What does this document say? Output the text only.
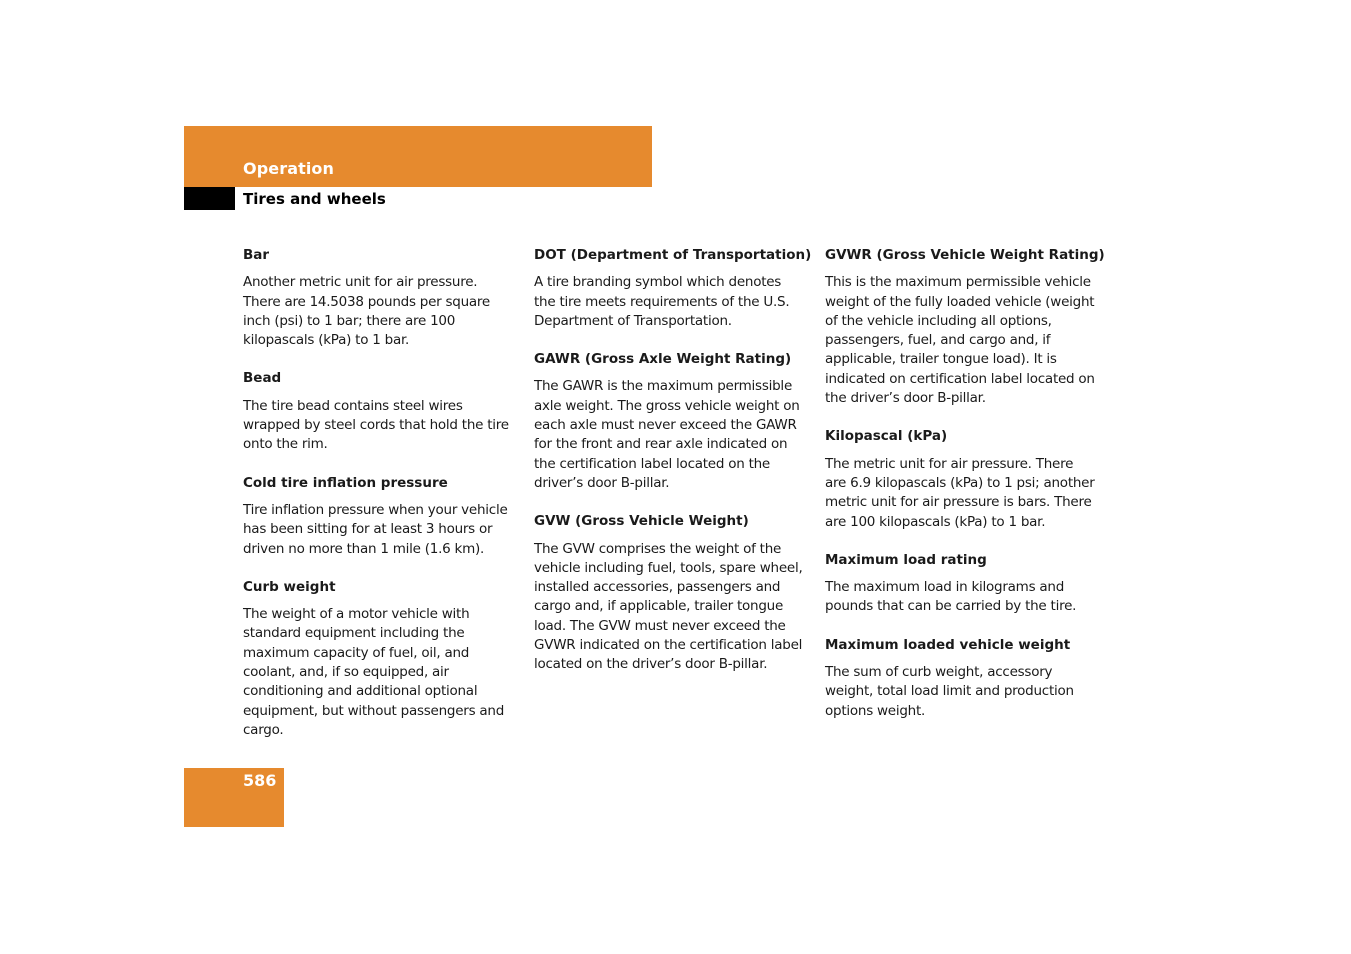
Operation
Tires and wheels
Bar
Another metric unit for air pressure. There are 14.5038 pounds per square inch (psi) to 1 bar; there are 100 kilopascals (kPa) to 1 bar.
Bead
The tire bead contains steel wires wrapped by steel cords that hold the tire onto the rim.
Cold tire inflation pressure
Tire inflation pressure when your vehicle has been sitting for at least 3 hours or driven no more than 1 mile (1.6 km).
Curb weight
The weight of a motor vehicle with standard equipment including the maximum capacity of fuel, oil, and coolant, and, if so equipped, air conditioning and additional optional equipment, but without passengers and cargo.
DOT (Department of Transportation)
A tire branding symbol which denotes the tire meets requirements of the U.S. Department of Transportation.
GAWR (Gross Axle Weight Rating)
The GAWR is the maximum permissible axle weight. The gross vehicle weight on each axle must never exceed the GAWR for the front and rear axle indicated on the certification label located on the driver’s door B-pillar.
GVW (Gross Vehicle Weight)
The GVW comprises the weight of the vehicle including fuel, tools, spare wheel, installed accessories, passengers and cargo and, if applicable, trailer tongue load. The GVW must never exceed the GVWR indicated on the certification label located on the driver’s door B-pillar.
GVWR (Gross Vehicle Weight Rating)
This is the maximum permissible vehicle weight of the fully loaded vehicle (weight of the vehicle including all options, passengers, fuel, and cargo and, if applicable, trailer tongue load). It is indicated on certification label located on the driver’s door B-pillar.
Kilopascal (kPa)
The metric unit for air pressure. There are 6.9 kilopascals (kPa) to 1 psi; another metric unit for air pressure is bars. There are 100 kilopascals (kPa) to 1 bar.
Maximum load rating
The maximum load in kilograms and pounds that can be carried by the tire.
Maximum loaded vehicle weight
The sum of curb weight, accessory weight, total load limit and production options weight.
586
